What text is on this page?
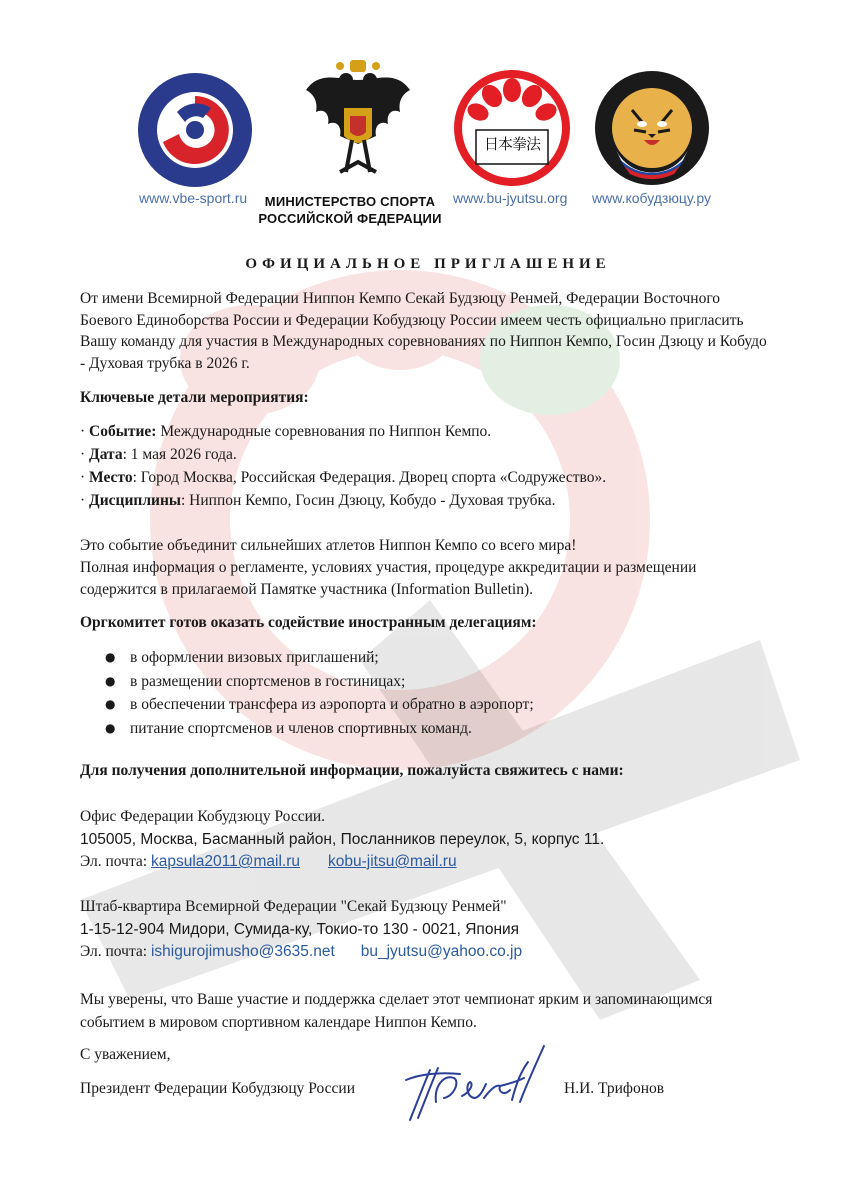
www.vbe-sport.ru	МИНИСТЕРСТВО СПОРТА
РОССИЙСКОЙ ФЕДЕРАЦИИ
日本拳法
www.bu-jyutsu.org www.кобудзюцу.ру
ОФИЦИАЛЬНОЕ ПРИГЛАШЕНИЕ
От имени Всемирной Федерации Ниппон Кемпо Секай Будзюцу Ренмей, Федерации Восточного
Боевого Единоборства России и Федерации Кобудзюцу России имеем честь официально пригласить
Вашу команду для участия в Международных соревнованиях по Ниппон Кемпо, Госин Дзюцу и Кобудо
- Духовая трубка в 2026 г.
Ключевые детали мероприятия:
· Событие: Международные соревнования по Ниппон Кемпо.
· Дата: 1 мая 2026 года.
· Место: Город Москва, Российская Федерация. Дворец спорта «Содружество».
· Дисциплины: Ниппон Кемпо, Госин Дзюцу, Кобудо - Духовая трубка.
Это событие объединит сильнейших атлетов Ниппон Кемпо со всего мира!
Полная информация о регламенте, условиях участия, процедуре аккредитации и размещении
содержится в прилагаемой Памятке участника (Information Bulletin).
Оргкомитет готов оказать содействие иностранным делегациям:
● в оформлении визовых приглашений;
● в размещении спортсменов в гостиницах;
● в обеспечении трансфера из аэропорта и обратно в аэропорт;
● питание спортсменов и членов спортивных команд.
Для получения дополнительной информации, пожалуйста свяжитесь с нами:
Офис Федерации Кобудзюцу России.
105005, Москва, Басманный район, Посланников переулок, 5, корпус 11.
Эл. почта: kapsula2011@mail.ru kobu-jitsu@mail.ru
Штаб-квартира Всемирной Федерации "Секай Будзюцу Ренмей"
1-15-12-904 Мидори, Сумида-ку, Токио-то 130 - 0021, Япония
Эл. почта: ishigurojimusho@3635.net bu_jyutsu@yahoo.co.jp
Мы уверены, что Ваше участие и поддержка сделает этот чемпионат ярким и запоминающимся
событием в мировом спортивном календаре Ниппон Кемпо.
С уважением,
Президент Федерации Кобудзюцу России	Н.И. Трифонов
